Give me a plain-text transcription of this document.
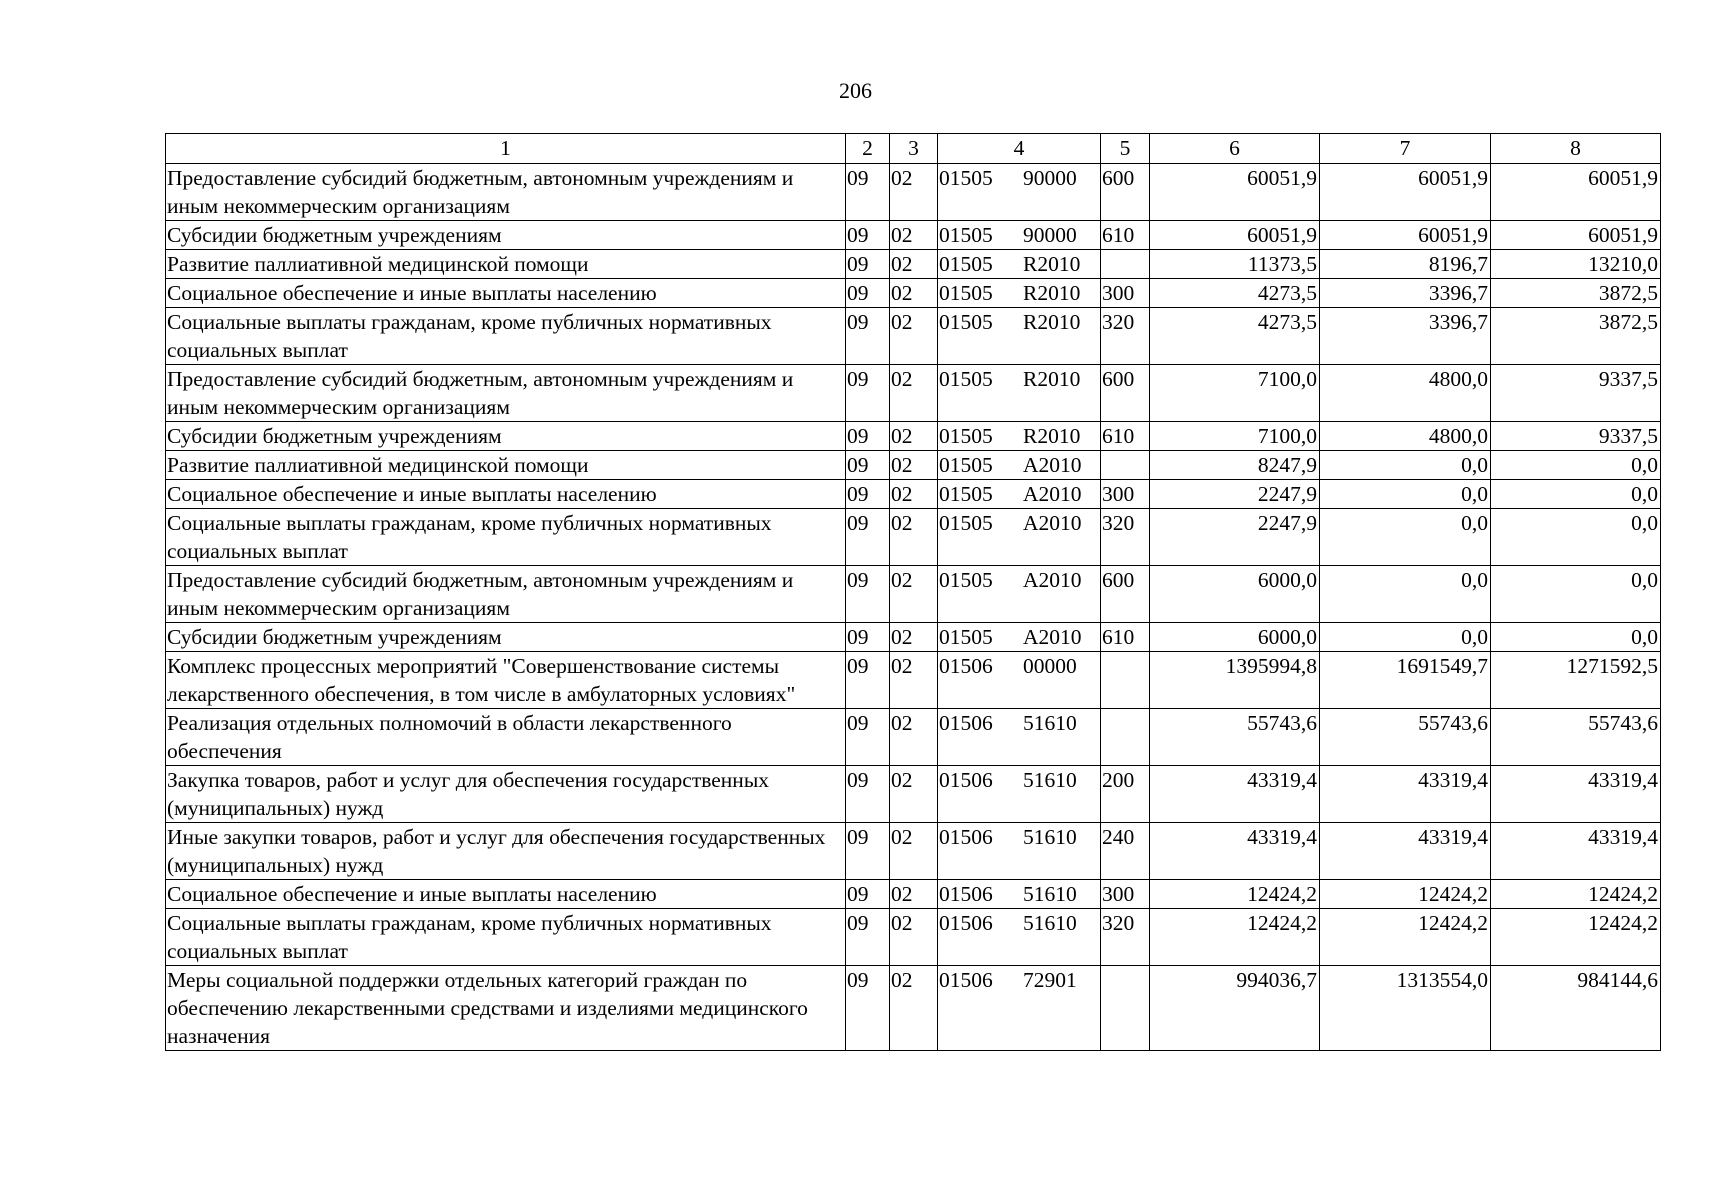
206
1	2	3	4	5	6	7	8
Предоставление субсидий бюджетным, автономным учреждениям и иным некоммерческим организациям	09	02	01505 90000	600	60051,9	60051,9	60051,9
Субсидии бюджетным учреждениям	09	02	01505 90000	610	60051,9	60051,9	60051,9
Развитие паллиативной медицинской помощи	09	02	01505 R2010		11373,5	8196,7	13210,0
Социальное обеспечение и иные выплаты населению	09	02	01505 R2010	300	4273,5	3396,7	3872,5
Социальные выплаты гражданам, кроме публичных нормативных социальных выплат	09	02	01505 R2010	320	4273,5	3396,7	3872,5
Предоставление субсидий бюджетным, автономным учреждениям и иным некоммерческим организациям	09	02	01505 R2010	600	7100,0	4800,0	9337,5
Субсидии бюджетным учреждениям	09	02	01505 R2010	610	7100,0	4800,0	9337,5
Развитие паллиативной медицинской помощи	09	02	01505 A2010		8247,9	0,0	0,0
Социальное обеспечение и иные выплаты населению	09	02	01505 A2010	300	2247,9	0,0	0,0
Социальные выплаты гражданам, кроме публичных нормативных социальных выплат	09	02	01505 A2010	320	2247,9	0,0	0,0
Предоставление субсидий бюджетным, автономным учреждениям и иным некоммерческим организациям	09	02	01505 A2010	600	6000,0	0,0	0,0
Субсидии бюджетным учреждениям	09	02	01505 A2010	610	6000,0	0,0	0,0
Комплекс процессных мероприятий "Совершенствование системы лекарственного обеспечения, в том числе в амбулаторных условиях"	09	02	01506 00000		1395994,8	1691549,7	1271592,5
Реализация отдельных полномочий в области лекарственного обеспечения	09	02	01506 51610		55743,6	55743,6	55743,6
Закупка товаров, работ и услуг для обеспечения государственных (муниципальных) нужд	09	02	01506 51610	200	43319,4	43319,4	43319,4
Иные закупки товаров, работ и услуг для обеспечения государственных (муниципальных) нужд	09	02	01506 51610	240	43319,4	43319,4	43319,4
Социальное обеспечение и иные выплаты населению	09	02	01506 51610	300	12424,2	12424,2	12424,2
Социальные выплаты гражданам, кроме публичных нормативных социальных выплат	09	02	01506 51610	320	12424,2	12424,2	12424,2
Меры социальной поддержки отдельных категорий граждан по обеспечению лекарственными средствами и изделиями медицинского назначения	09	02	01506 72901		994036,7	1313554,0	984144,6
